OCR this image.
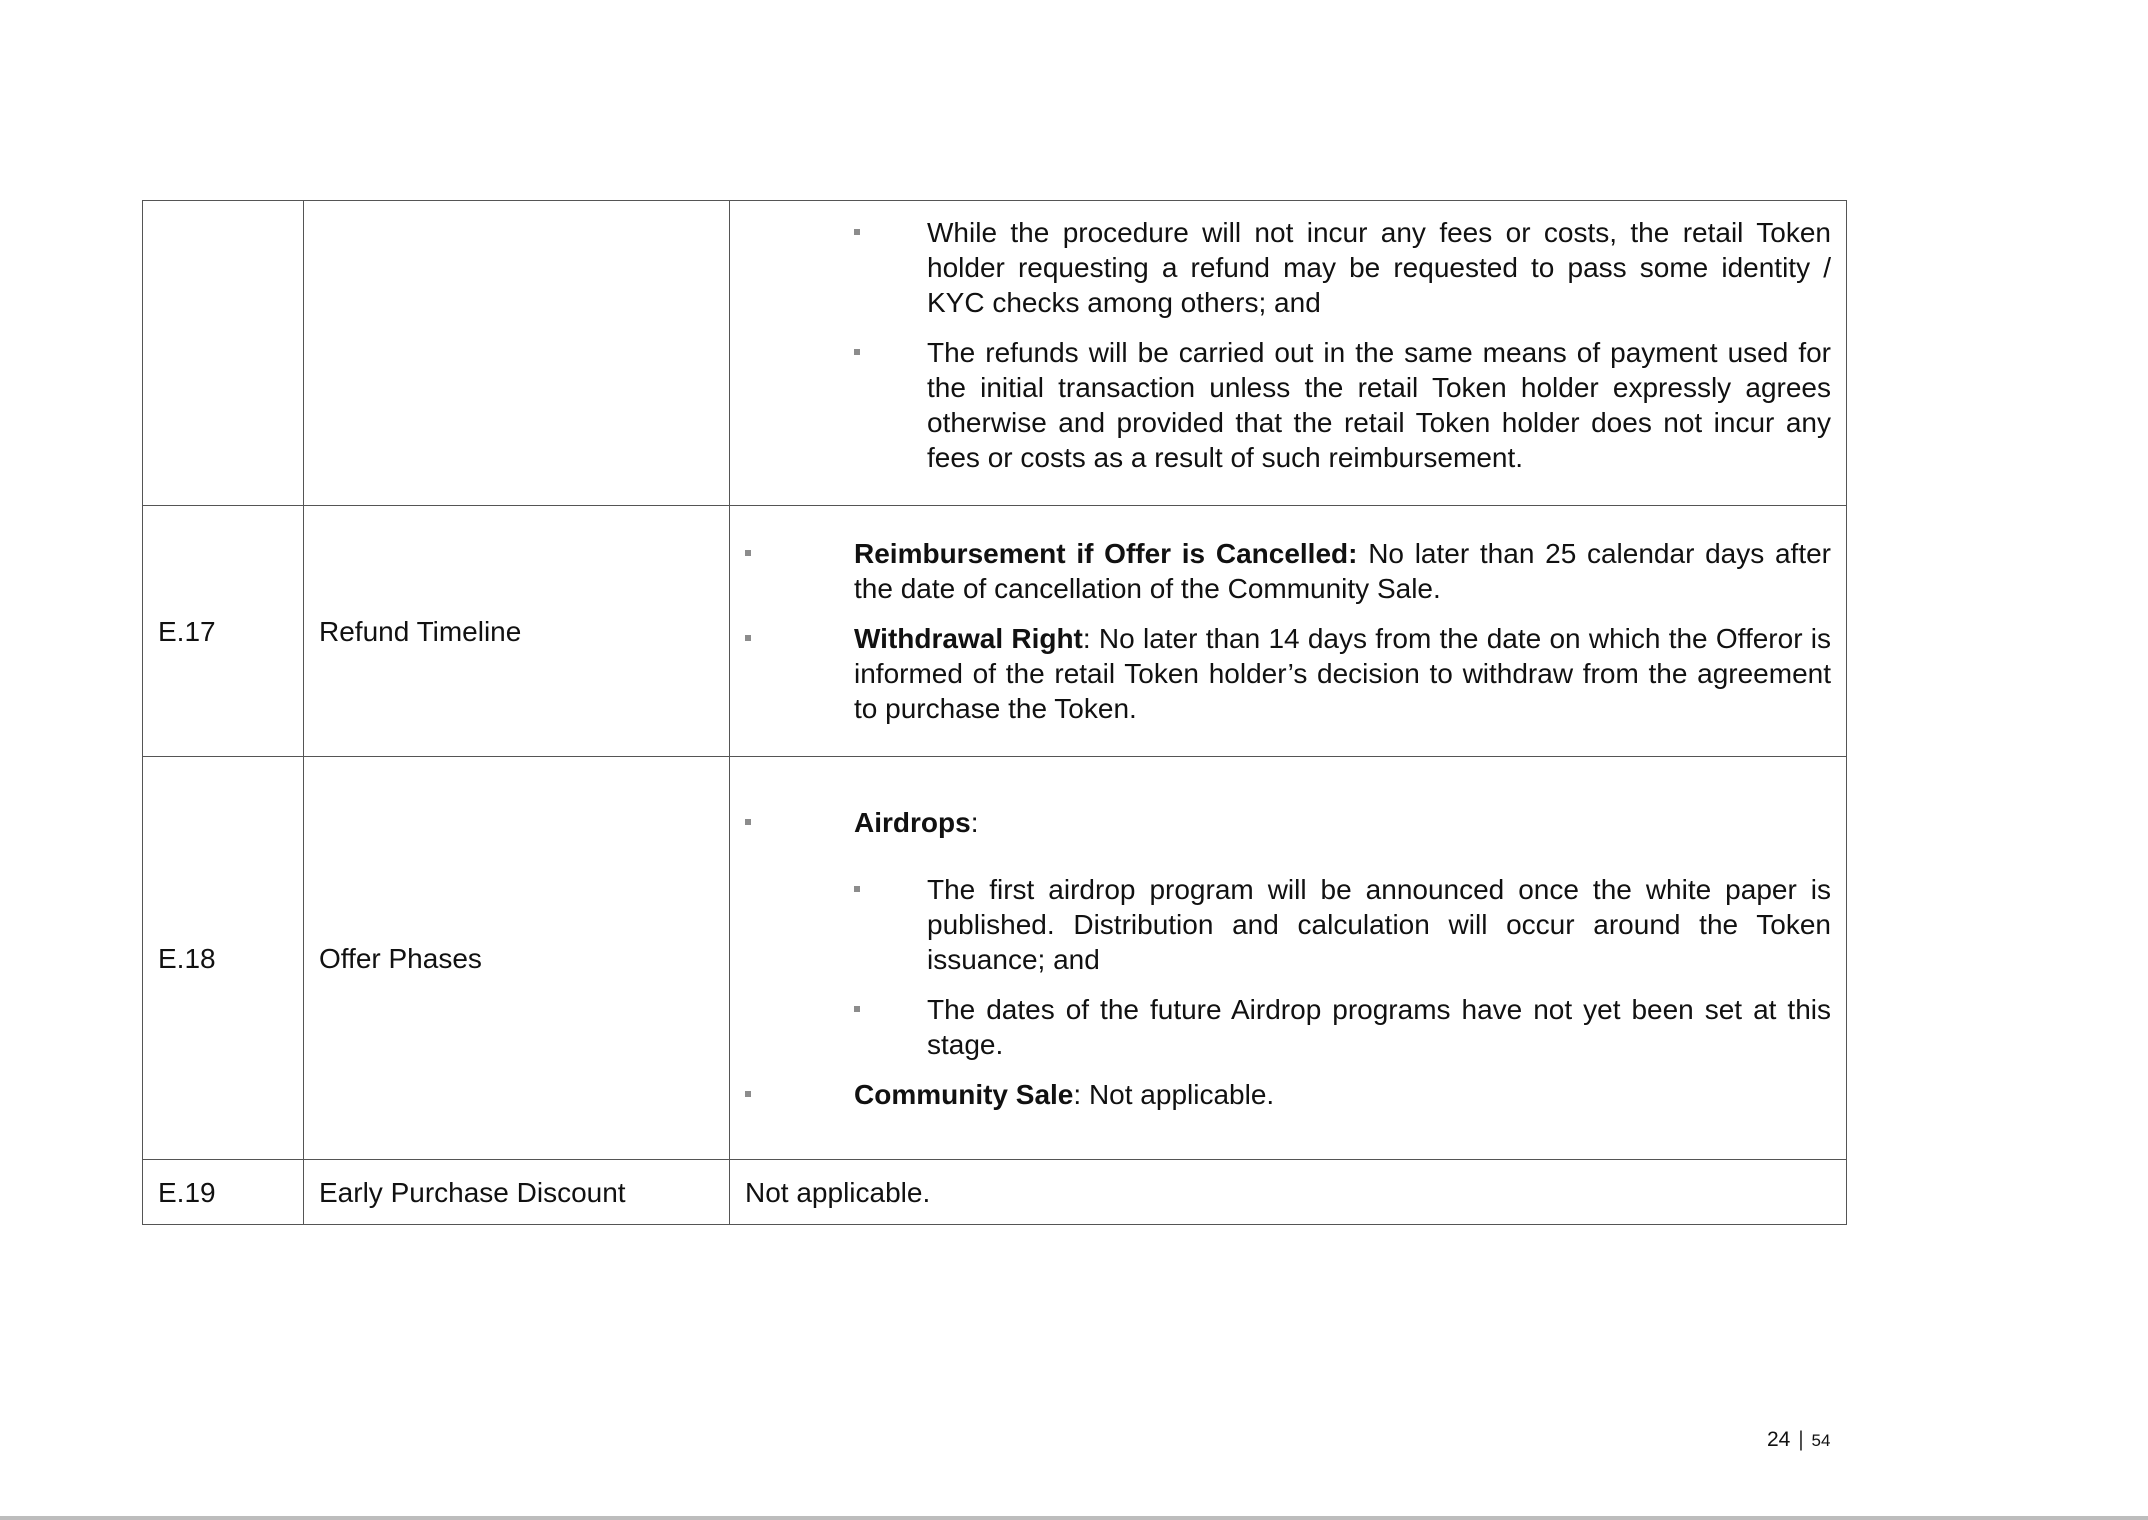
		While the procedure will not incur any fees or costs, the retail Token holder requesting a refund may be requested to pass some identity / KYC checks among others; and
The refunds will be carried out in the same means of payment used for the initial transaction unless the retail Token holder expressly agrees otherwise and provided that the retail Token holder does not incur any fees or costs as a result of such reimbursement.

E.17	Refund Timeline	Reimbursement if Offer is Cancelled: No later than 25 calendar days after the date of cancellation of the Community Sale.
Withdrawal Right: No later than 14 days from the date on which the Offeror is informed of the retail Token holder’s decision to withdraw from the agreement to purchase the Token.

E.18	Offer Phases	Airdrops:
The first airdrop program will be announced once the white paper is published. Distribution and calculation will occur around the Token issuance; and
The dates of the future Airdrop programs have not yet been set at this stage.
Community Sale: Not applicable.

E.19	Early Purchase Discount	Not applicable.
24 | 54
